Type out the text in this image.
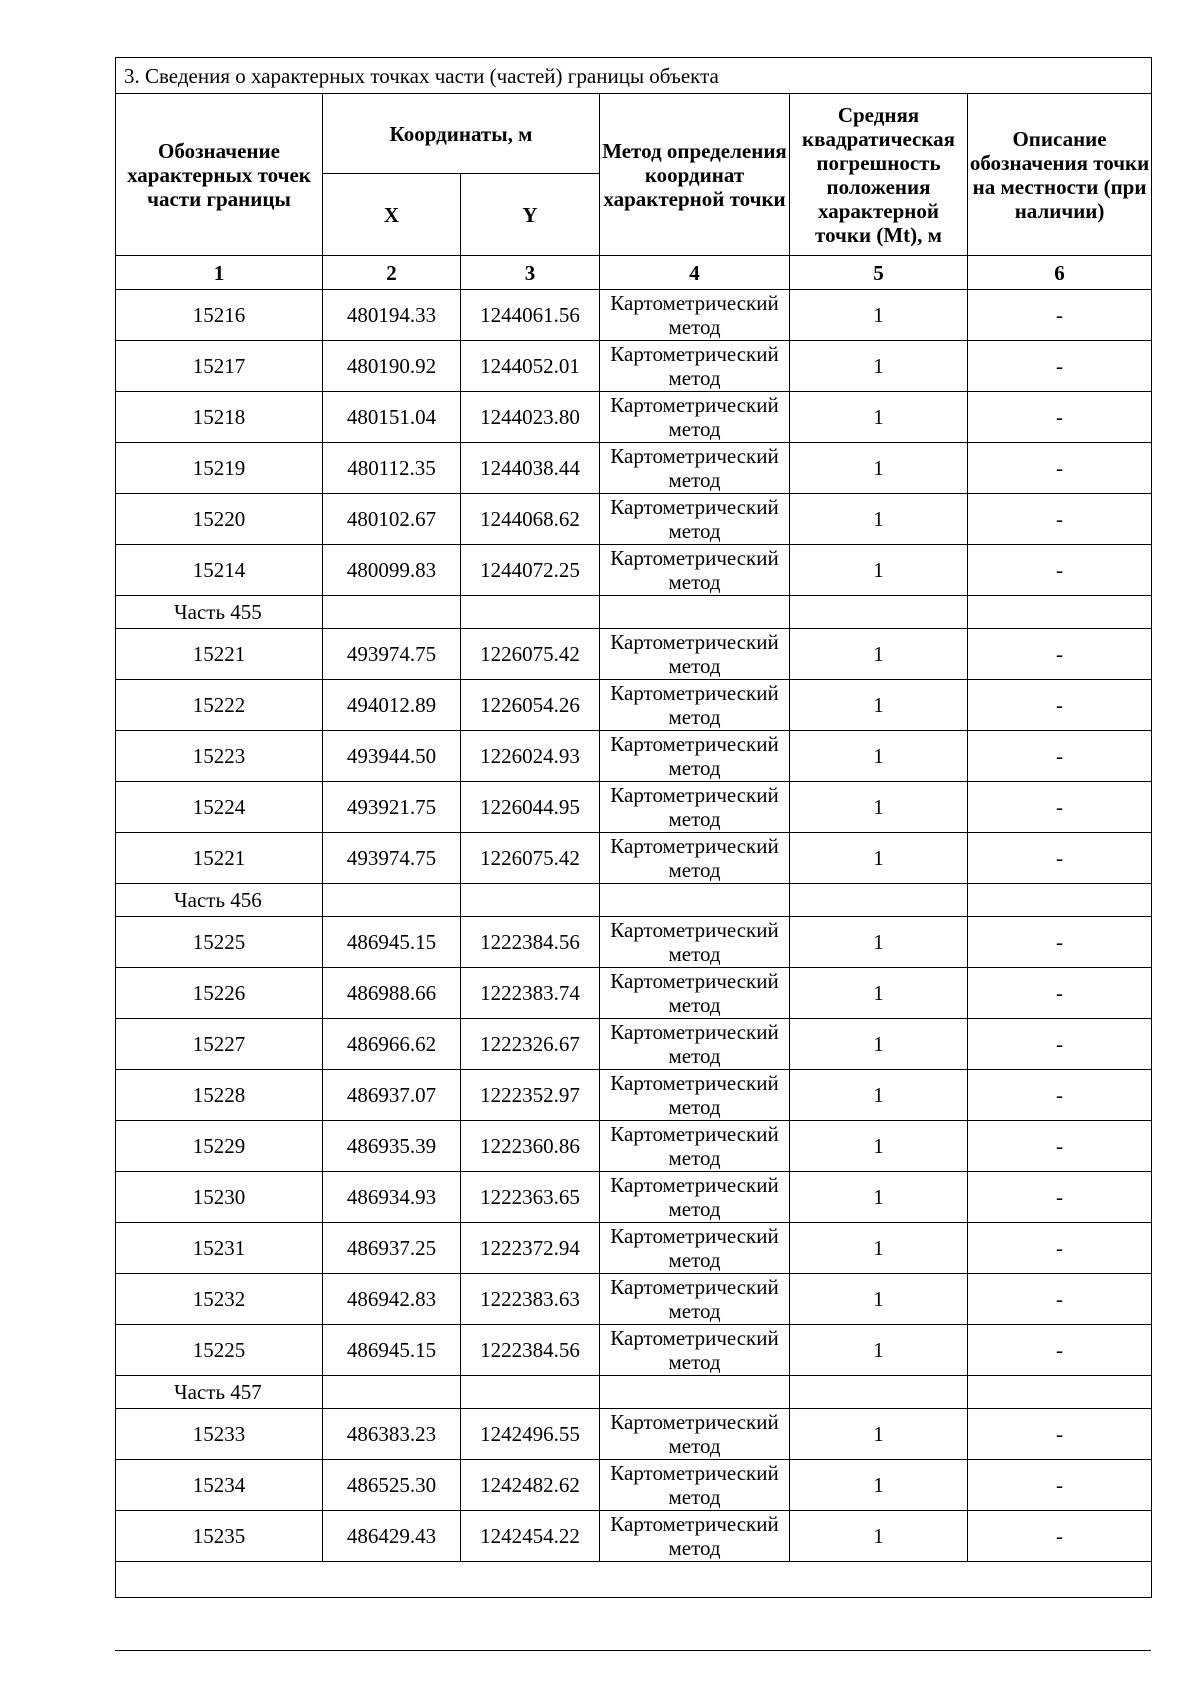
3. Сведения о характерных точках части (частей) границы объекта					
Обозначение характерных точек части границы	Координаты, м		Метод определения координат характерной точки	Средняя квадратическая погрешность положения характерной точки (Mt), м	Описание обозначения точки на местности (при наличии)
	X	Y			
1	2	3	4	5	6
15216	480194.33	1244061.56	Картометрический метод	1	-
15217	480190.92	1244052.01	Картометрический метод	1	-
15218	480151.04	1244023.80	Картометрический метод	1	-
15219	480112.35	1244038.44	Картометрический метод	1	-
15220	480102.67	1244068.62	Картометрический метод	1	-
15214	480099.83	1244072.25	Картометрический метод	1	-
Часть 455					
15221	493974.75	1226075.42	Картометрический метод	1	-
15222	494012.89	1226054.26	Картометрический метод	1	-
15223	493944.50	1226024.93	Картометрический метод	1	-
15224	493921.75	1226044.95	Картометрический метод	1	-
15221	493974.75	1226075.42	Картометрический метод	1	-
Часть 456					
15225	486945.15	1222384.56	Картометрический метод	1	-
15226	486988.66	1222383.74	Картометрический метод	1	-
15227	486966.62	1222326.67	Картометрический метод	1	-
15228	486937.07	1222352.97	Картометрический метод	1	-
15229	486935.39	1222360.86	Картометрический метод	1	-
15230	486934.93	1222363.65	Картометрический метод	1	-
15231	486937.25	1222372.94	Картометрический метод	1	-
15232	486942.83	1222383.63	Картометрический метод	1	-
15225	486945.15	1222384.56	Картометрический метод	1	-
Часть 457					
15233	486383.23	1242496.55	Картометрический метод	1	-
15234	486525.30	1242482.62	Картометрический метод	1	-
15235	486429.43	1242454.22	Картометрический метод	1	-
